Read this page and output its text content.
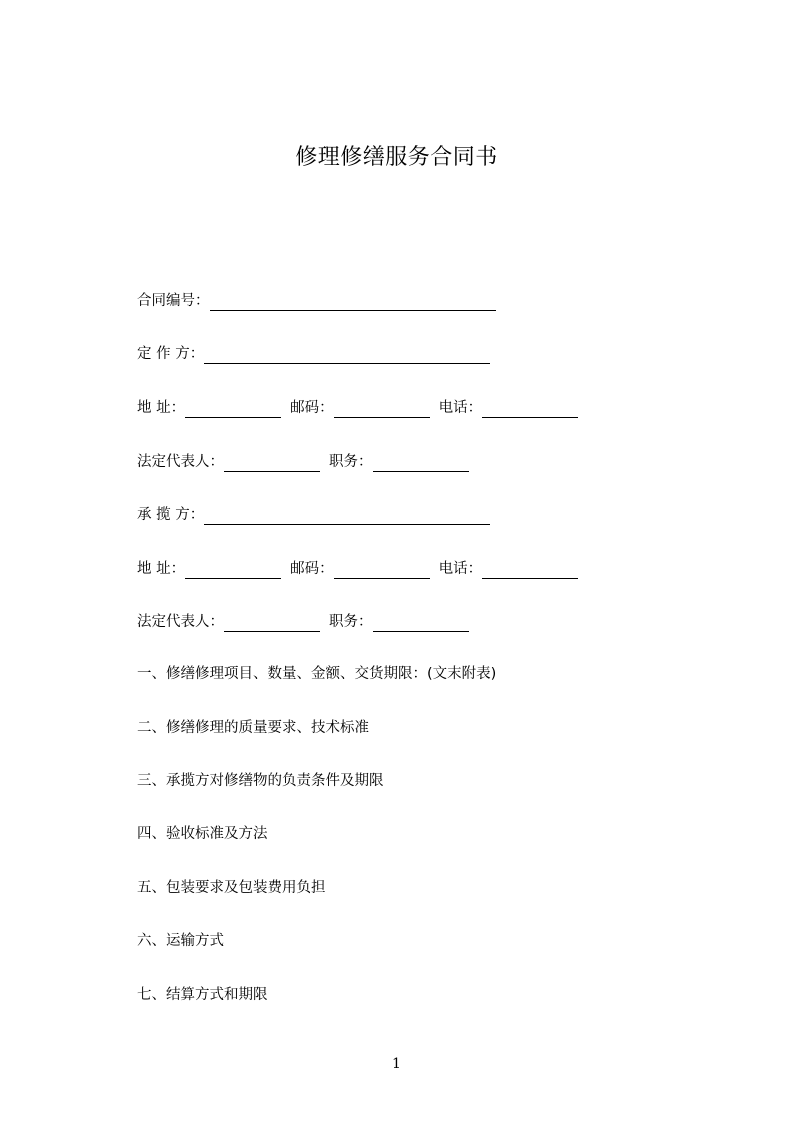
修理修缮服务合同书
合同编号：
定 作 方：
地 址：	邮码：	电话：
法定代表人：	职务：
承 揽 方：
地 址：	邮码：	电话：
法定代表人：	职务：
一、修缮修理项目、数量、金额、交货期限：(文末附表)
二、修缮修理的质量要求、技术标准
三、承揽方对修缮物的负责条件及期限
四、验收标准及方法
五、包装要求及包装费用负担
六、运输方式
七、结算方式和期限
1
